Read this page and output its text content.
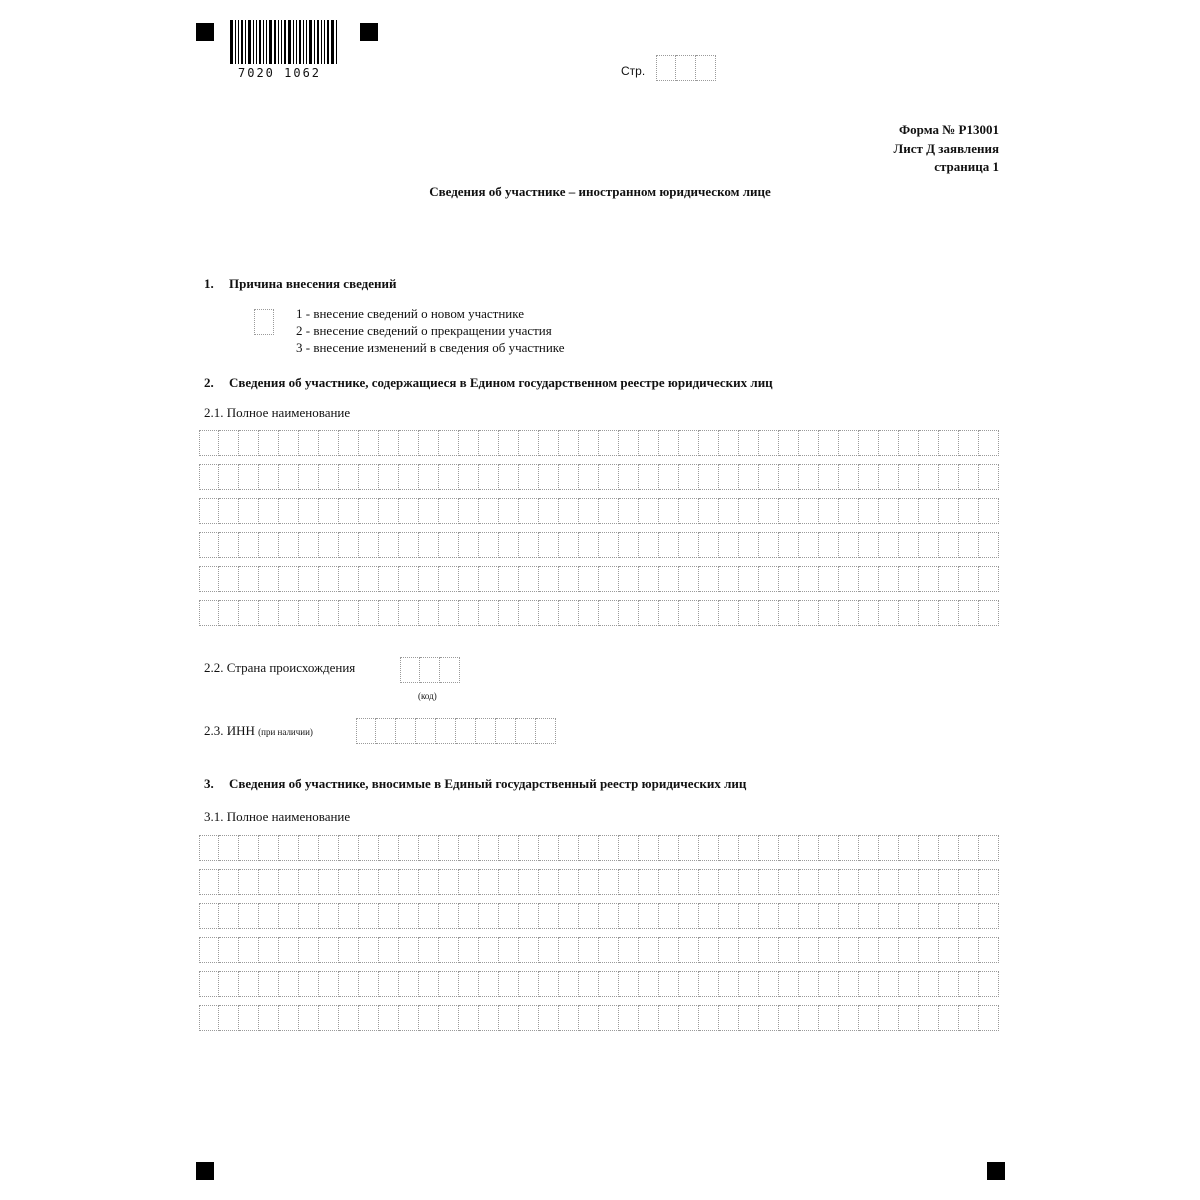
7020 1062	Стр.
Форма № Р13001
Лист Д заявления
страница 1
Сведения об участнике – иностранном юридическом лице
1. Причина внесения сведений
1 - внесение сведений о новом участнике
2 - внесение сведений о прекращении участия
3 - внесение изменений в сведения об участнике
2. Сведения об участнике, содержащиеся в Едином государственном реестре юридических лиц
2.1. Полное наименование
2.2. Страна происхождения
(код)
2.3. ИНН (при наличии)
3. Сведения об участнике, вносимые в Единый государственный реестр юридических лиц
3.1. Полное наименование
